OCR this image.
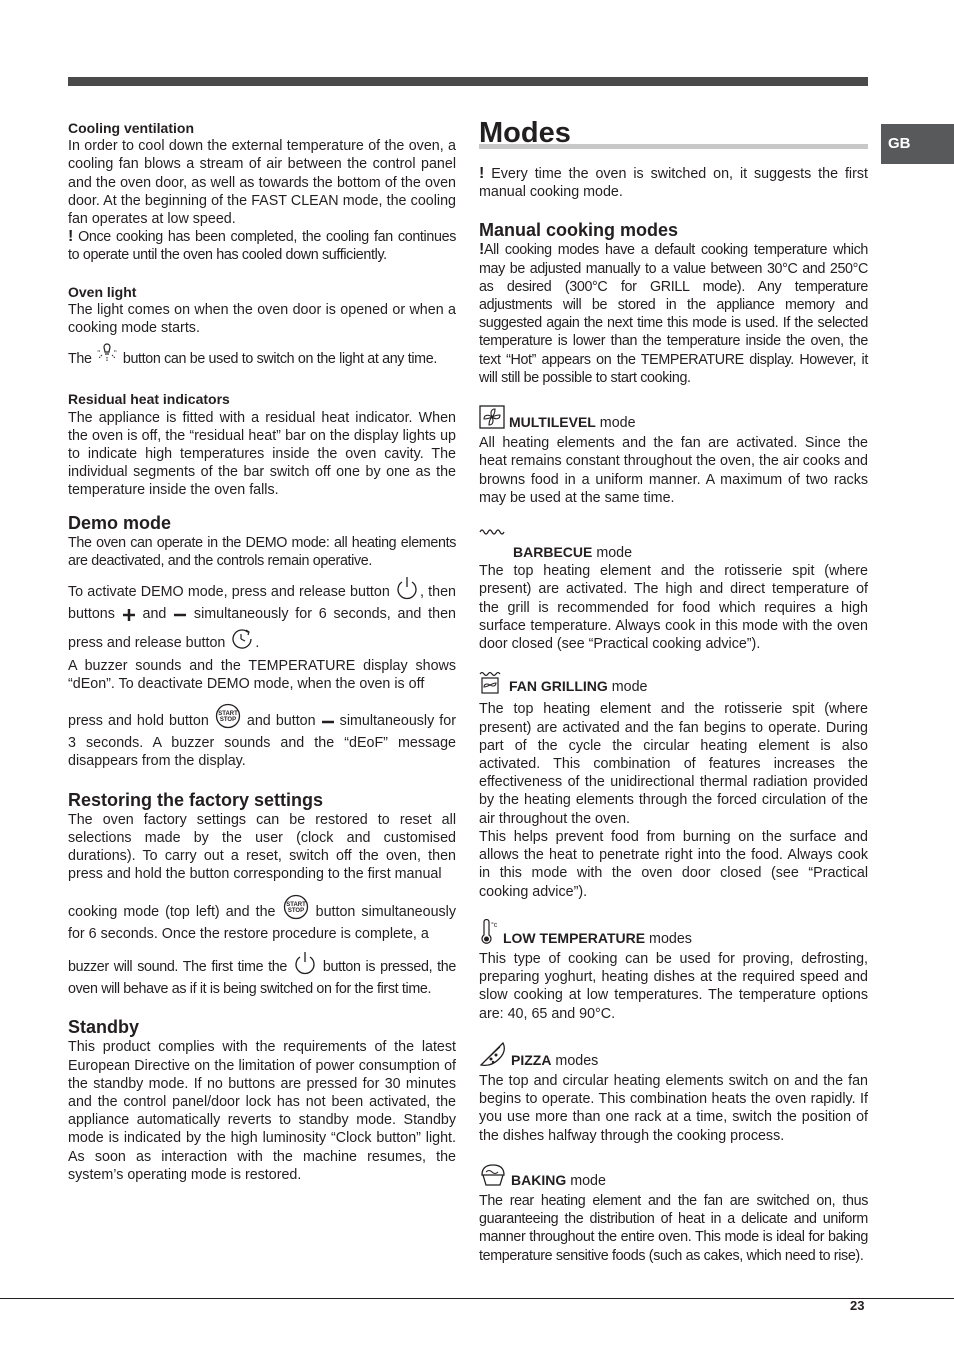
GB
Cooling ventilation

In order to cool down the external temperature of the oven, a cooling fan blows a stream of air between the control panel and the oven door, as well as towards the bottom of the oven door. At the beginning of the FAST CLEAN mode, the cooling fan operates at low speed.

! Once cooking has been completed, the cooling fan continues to operate until the oven has cooled down sufficiently.

Oven light

The light comes on when the oven door is opened or when a cooking mode starts.

The  button can be used to switch on the light at any time.

Residual heat indicators

The appliance is fitted with a residual heat indicator. When the oven is off, the “residual heat” bar on the display lights up to indicate high temperatures inside the oven cavity. The individual segments of the bar switch off one by one as the temperature inside the oven falls.

Demo mode

The oven can operate in the DEMO mode: all heating elements are deactivated, and the controls remain operative.

To activate DEMO mode, press and release button , then buttons  and  simultaneously for 6 seconds, and then press and release button .

A buzzer sounds and the TEMPERATURE display shows “dEon”. To deactivate DEMO mode, when the oven is off

press and hold button START
STOP and button  simultaneously for 3 seconds. A buzzer sounds and the “dEoF” message disappears from the display.

Restoring the factory settings

The oven factory settings can be restored to reset all selections made by the user (clock and customised durations). To carry out a reset, switch off the oven, then press and hold the button corresponding to the first manual

cooking mode (top left) and the START
STOP button simultaneously for 6 seconds. Once the restore procedure is complete, a

buzzer will sound. The first time the  button is pressed, the oven will behave as if it is being switched on for the first time.

Standby

This product complies with the requirements of the latest European Directive on the limitation of power consumption of the standby mode. If no buttons are pressed for 30 minutes and the control panel/door lock has not been activated, the appliance automatically reverts to standby mode. Standby mode is indicated by the high luminosity “Clock button” light. As soon as interaction with the machine resumes, the system’s operating mode is restored.

Modes

! Every time the oven is switched on, it suggests the first manual cooking mode.

Manual cooking modes

!All cooking modes have a default cooking temperature which may be adjusted manually to a value between 30°C and 250°C as desired (300°C for GRILL mode). Any temperature adjustments will be stored in the appliance memory and suggested again the next time this mode is used. If the selected temperature is lower than the temperature inside the oven, the text “Hot” appears on the TEMPERATURE display. However, it will still be possible to start cooking.

MULTILEVEL mode

All heating elements and the fan are activated. Since the heat remains constant throughout the oven, the air cooks and browns food in a uniform manner. A maximum of two racks may be used at the same time.

BARBECUE mode

The top heating element and the rotisserie spit (where present) are activated. The high and direct temperature of the grill is recommended for food which requires a high surface temperature. Always cook in this mode with the oven door closed (see “Practical cooking advice”).

FAN GRILLING mode

The top heating element and the rotisserie spit (where present) are activated and the fan begins to operate. During part of the cycle the circular heating element is also activated. This combination of features increases the effectiveness of the unidirectional thermal radiation provided by the heating elements through the forced circulation of the air throughout the oven.

This helps prevent food from burning on the surface and allows the heat to penetrate right into the food. Always cook in this mode with the oven door closed (see “Practical cooking advice”).

°c
LOW TEMPERATURE modes

This type of cooking can be used for proving, defrosting, preparing yoghurt, heating dishes at the required speed and slow cooking at low temperatures. The temperature options are: 40, 65 and 90°C.

PIZZA modes

The top and circular heating elements switch on and the fan begins to operate. This combination heats the oven rapidly. If you use more than one rack at a time, switch the position of the dishes halfway through the cooking process.

BAKING mode

The rear heating element and the fan are switched on, thus guaranteeing the distribution of heat in a delicate and uniform manner throughout the entire oven. This mode is ideal for baking temperature sensitive foods (such as cakes, which need to rise).

23
